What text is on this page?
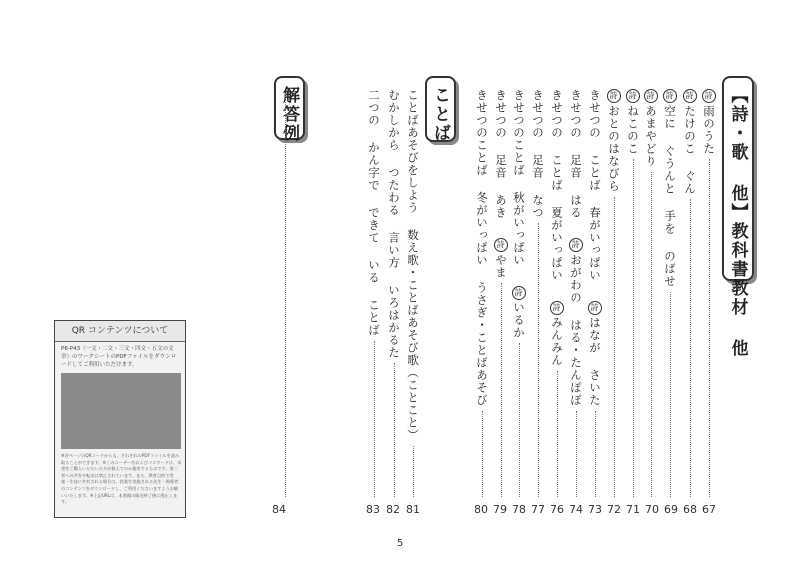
【詩・歌 他】教科書教材 他
ことば
解答例	詩雨のうた
67
詩たけのこ ぐん
68
詩空に ぐうんと 手を のばせ
69
詩あまやどり
70
詩ねこのこ
71
詩おとのはなびら
72
きせつの ことば 春がいっぱい 詩はなが さいた
73
きせつの 足音 はる 詩おがわの はる・たんぽぽ
74
きせつの ことば 夏がいっぱい 詩みんみん
76
きせつの 足音 なつ
77
きせつのことば 秋がいっぱい 詩いるか
78
きせつの 足音 あき 詩やま
79
きせつのことば 冬がいっぱい うさぎ・ことばあそび
80
ことばあそびをしよう 数え歌・ことばあそび歌（ことこと）
81
むかしから つたわる 言い方 いろはかるた
82
二つの かん字で できて いる ことば
83
84
QR コンテンツについて
P6-P43（一文・二文・三文・四文・五文の文章）のワークシートのPDFファイルをダウンロードしてご利用いただけます。
※各ページのQRコードからも、それぞれのPDFファイルを読み取ることができます。※このユーザー名およびパスワードは、本書をご購入いただいた方が個人でのみ使用するものです。第三者への共有や転送は禁止されています。また、教育目的で児童・生徒に共有される場合は、授業を実施される先生・指導者のコンテンツをダウンロードし、ご利用くださいますようお願いいたします。※上記URLは、本書籍の販売終了後に廃止します。
5
